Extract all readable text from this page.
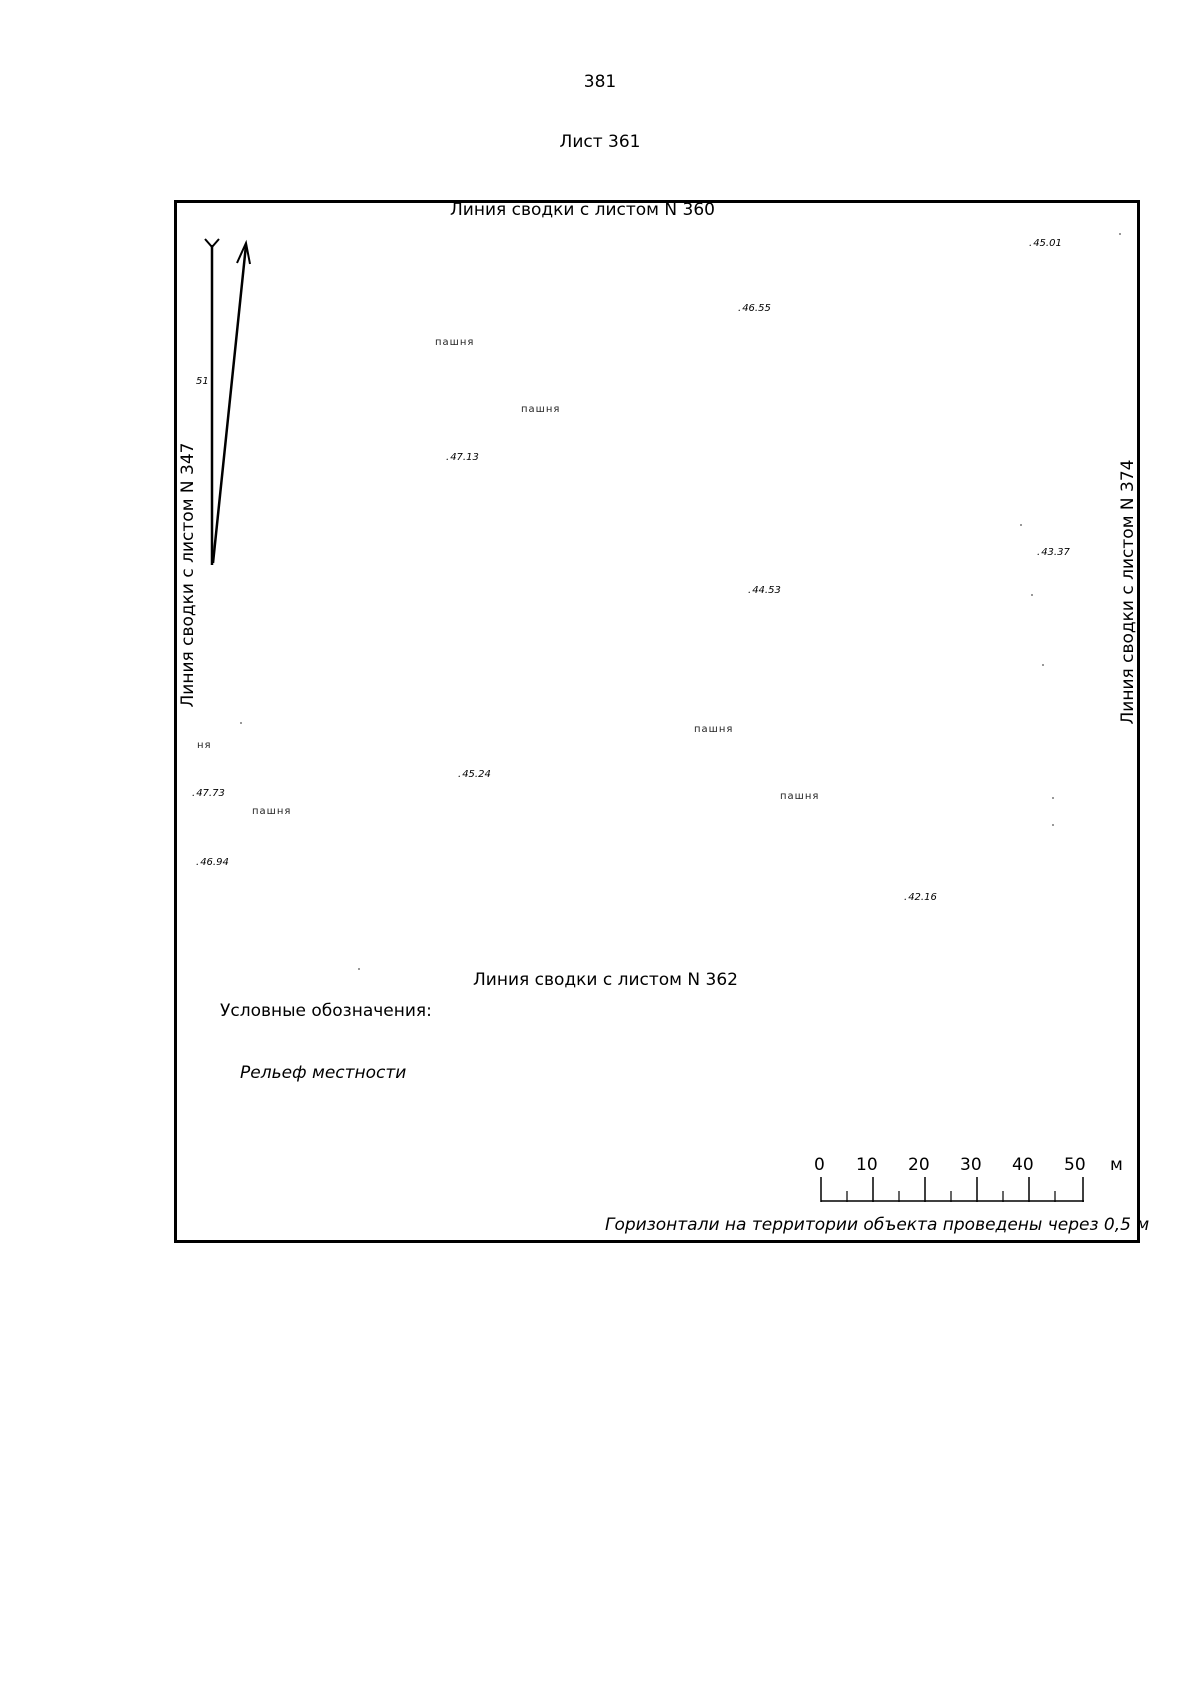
381
Лист 361
Линия сводки с листом N 360
Линия сводки с листом N 362
Линия сводки с листом N 347	Линия сводки с листом N 374
. 45.01
. 46.55
. 47.13
. 43.37
. 44.53
. 45.24
. 47.73
. 46.94
. 42.16
51
пашня
пашня
пашня
пашня
пашня
ня
Условные обозначения:
Рельеф местности
0 10 20 30 40 50 м
Горизонтали на территории объекта проведены через 0,5 м
